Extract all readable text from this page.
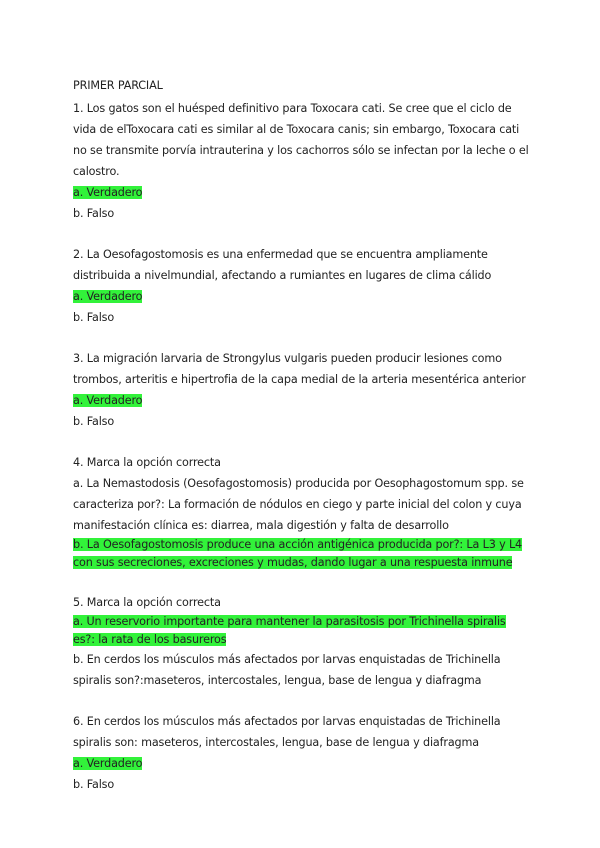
PRIMER PARCIAL
1. Los gatos son el huésped definitivo para Toxocara cati. Se cree que el ciclo de vida de elToxocara cati es similar al de Toxocara canis; sin embargo, Toxocara cati no se transmite porvía intrauterina y los cachorros sólo se infectan por la leche o el calostro.
a. Verdadero
b. Falso
2. La Oesofagostomosis es una enfermedad que se encuentra ampliamente distribuida a nivelmundial, afectando a rumiantes en lugares de clima cálido
a. Verdadero
b. Falso
3. La migración larvaria de Strongylus vulgaris pueden producir lesiones como trombos, arteritis e hipertrofia de la capa medial de la arteria mesentérica anterior
a. Verdadero
b. Falso
4. Marca la opción correcta
a. La Nemastodosis (Oesofagostomosis) producida por Oesophagostomum spp. se caracteriza por?: La formación de nódulos en ciego y parte inicial del colon y cuya manifestación clínica es: diarrea, mala digestión y falta de desarrollo
b. La Oesofagostomosis produce una acción antigénica producida por?: La L3 y L4 con sus secreciones, excreciones y mudas, dando lugar a una respuesta inmune
5. Marca la opción correcta
a. Un reservorio importante para mantener la parasitosis por Trichinella spiralis es?: la rata de los basureros
b. En cerdos los músculos más afectados por larvas enquistadas de Trichinella spiralis son?:maseteros, intercostales, lengua, base de lengua y diafragma
6. En cerdos los músculos más afectados por larvas enquistadas de Trichinella spiralis son: maseteros, intercostales, lengua, base de lengua y diafragma
a. Verdadero
b. Falso
